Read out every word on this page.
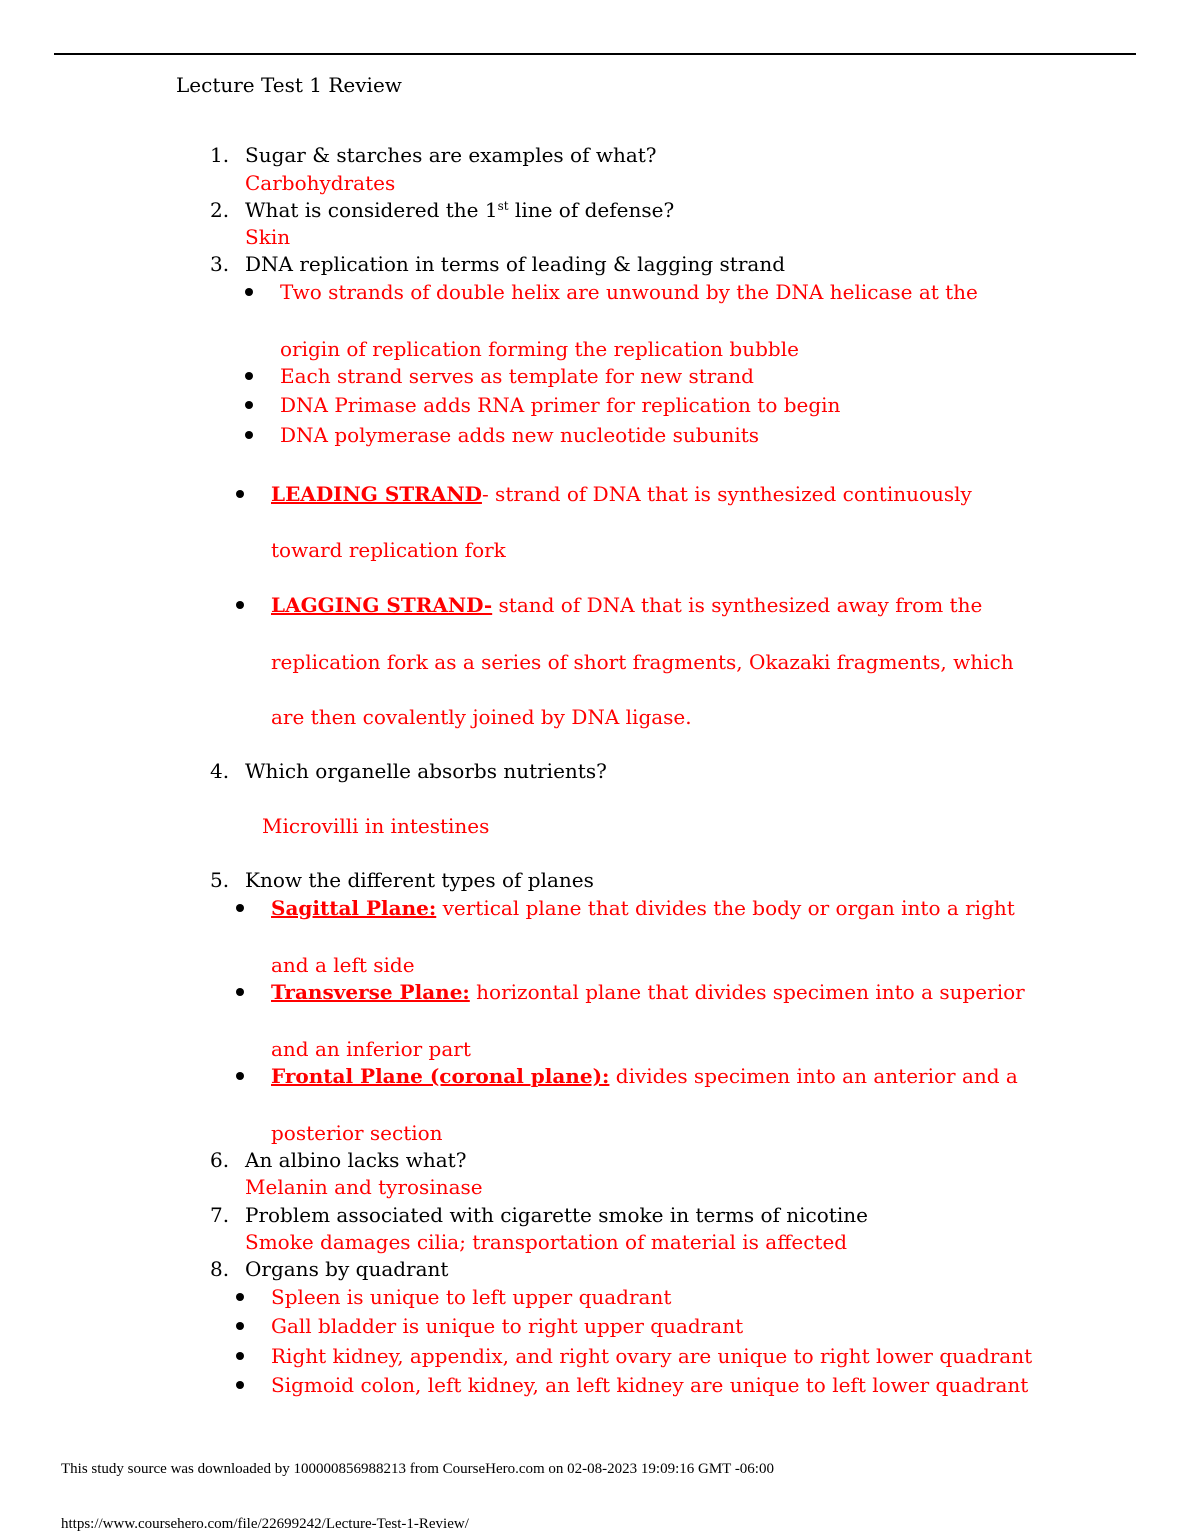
Lecture Test 1 Review
1. Sugar & starches are examples of what?
Carbohydrates
2. What is considered the 1st line of defense?
Skin
3. DNA replication in terms of leading & lagging strand
Two strands of double helix are unwound by the DNA helicase at the
origin of replication forming the replication bubble
Each strand serves as template for new strand
DNA Primase adds RNA primer for replication to begin
DNA polymerase adds new nucleotide subunits
LEADING STRAND- strand of DNA that is synthesized continuously
toward replication fork
LAGGING STRAND- stand of DNA that is synthesized away from the
replication fork as a series of short fragments, Okazaki fragments, which
are then covalently joined by DNA ligase.
4. Which organelle absorbs nutrients?
Microvilli in intestines
5. Know the different types of planes
Sagittal Plane: vertical plane that divides the body or organ into a right
and a left side
Transverse Plane: horizontal plane that divides specimen into a superior
and an inferior part
Frontal Plane (coronal plane): divides specimen into an anterior and a
posterior section
6. An albino lacks what?
Melanin and tyrosinase
7. Problem associated with cigarette smoke in terms of nicotine
Smoke damages cilia; transportation of material is affected
8. Organs by quadrant
Spleen is unique to left upper quadrant
Gall bladder is unique to right upper quadrant
Right kidney, appendix, and right ovary are unique to right lower quadrant
Sigmoid colon, left kidney, an left kidney are unique to left lower quadrant
This study source was downloaded by 100000856988213 from CourseHero.com on 02-08-2023 19:09:16 GMT -06:00
https://www.coursehero.com/file/22699242/Lecture-Test-1-Review/
